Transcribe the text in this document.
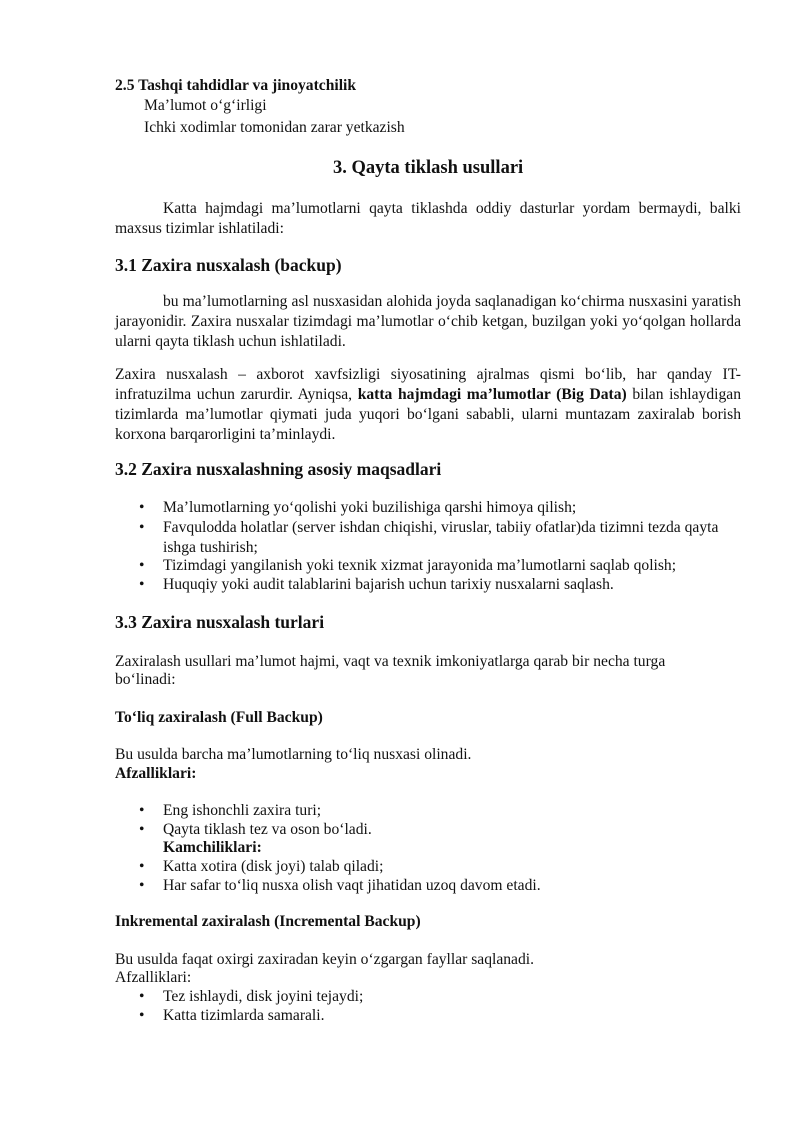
2.5 Tashqi tahdidlar va jinoyatchilik
Ma’lumot o‘g‘irligi
Ichki xodimlar tomonidan zarar yetkazish
3. Qayta tiklash usullari
Katta hajmdagi ma’lumotlarni qayta tiklashda oddiy dasturlar yordam bermaydi, balki maxsus tizimlar ishlatiladi:
3.1 Zaxira nusxalash (backup)
bu ma’lumotlarning asl nusxasidan alohida joyda saqlanadigan ko‘chirma nusxasini yaratish jarayonidir. Zaxira nusxalar tizimdagi ma’lumotlar o‘chib ketgan, buzilgan yoki yo‘qolgan hollarda ularni qayta tiklash uchun ishlatiladi.
Zaxira nusxalash – axborot xavfsizligi siyosatining ajralmas qismi bo‘lib, har qanday IT-infratuzilma uchun zarurdir. Ayniqsa, katta hajmdagi ma’lumotlar (Big Data) bilan ishlaydigan tizimlarda ma’lumotlar qiymati juda yuqori bo‘lgani sababli, ularni muntazam zaxiralab borish korxona barqarorligini ta’minlaydi.
3.2 Zaxira nusxalashning asosiy maqsadlari
• Ma’lumotlarning yo‘qolishi yoki buzilishiga qarshi himoya qilish;
• Favqulodda holatlar (server ishdan chiqishi, viruslar, tabiiy ofatlar)da tizimni tezda qayta ishga tushirish;
• Tizimdagi yangilanish yoki texnik xizmat jarayonida ma’lumotlarni saqlab qolish;
• Huquqiy yoki audit talablarini bajarish uchun tarixiy nusxalarni saqlash.
3.3 Zaxira nusxalash turlari
Zaxiralash usullari ma’lumot hajmi, vaqt va texnik imkoniyatlarga qarab bir necha turga
bo‘linadi:
To‘liq zaxiralash (Full Backup)
Bu usulda barcha ma’lumotlarning to‘liq nusxasi olinadi.
Afzalliklari:
• Eng ishonchli zaxira turi;
• Qayta tiklash tez va oson bo‘ladi.
Kamchiliklari:
• Katta xotira (disk joyi) talab qiladi;
• Har safar to‘liq nusxa olish vaqt jihatidan uzoq davom etadi.
Inkremental zaxiralash (Incremental Backup)
Bu usulda faqat oxirgi zaxiradan keyin o‘zgargan fayllar saqlanadi.
Afzalliklari:
• Tez ishlaydi, disk joyini tejaydi;
• Katta tizimlarda samarali.
